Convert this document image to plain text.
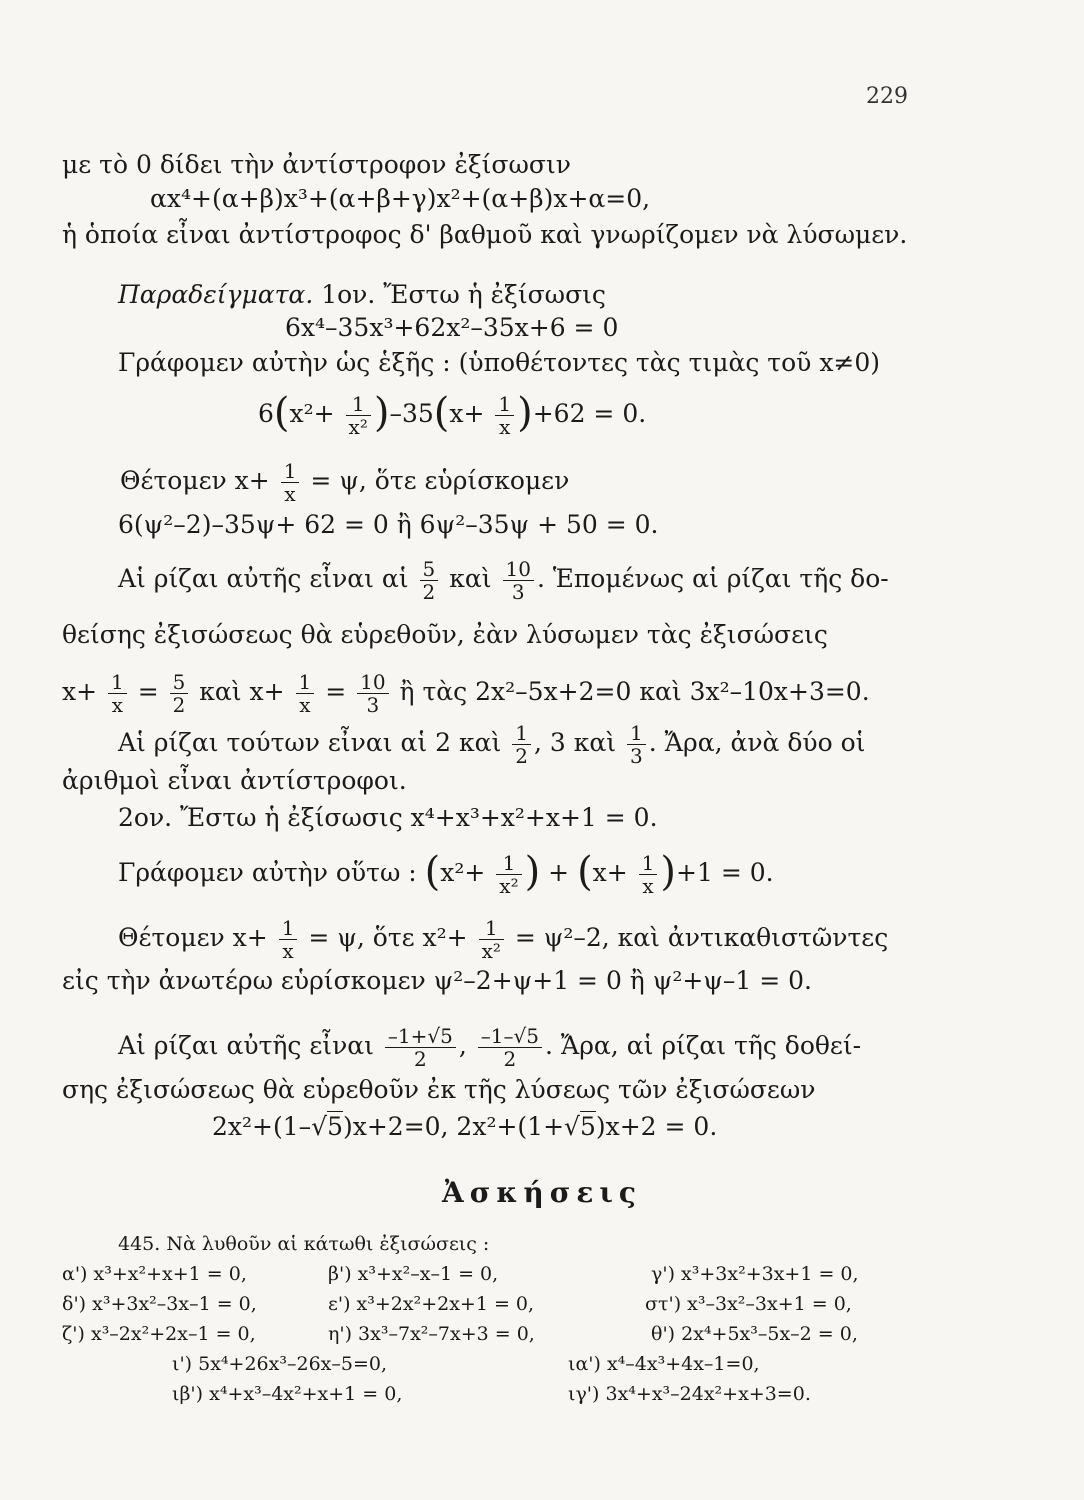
229
με τὸ 0 δίδει τὴν ἀντίστροφον ἐξίσωσιν
αx⁴+(α+β)x³+(α+β+γ)x²+(α+β)x+α=0,
ἡ ὁποία εἶναι ἀντίστροφος δ' βαθμοῦ καὶ γνωρίζομεν νὰ λύσωμεν.
Παραδείγματα. 1ον. Ἔστω ἡ ἐξίσωσις
6x⁴–35x³+62x²–35x+6 = 0
Γράφομεν αὐτὴν ὡς ἑξῆς : (ὑποθέτοντες τὰς τιμὰς τοῦ x≠0)
$6(x^2+ \frac{1}{\text{x²}} )-35(x+ \frac{1}{x} )+62 = 0$.
Θέτομεν $x+ \frac{1}{x} = \psi$, ὅτε εὑρίσκομεν
6(ψ²–2)–35ψ+ 62 = 0 ἢ 6ψ²–35ψ + 50 = 0.
Αἱ ρίζαι αὐτῆς εἶναι αἱ $\frac{5}{2}$ καὶ $\frac{10}{3}$ . Ἑπομένως αἱ ρίζαι τῆς δο-
θείσης ἐξισώσεως θὰ εὑρεθοῦν, ἐὰν λύσωμεν τὰς ἐξισώσεις
$x+ \frac{1}{x} = \frac{5}{2}$ καὶ $x+ \frac{1}{x} = \frac{10}{3}$ ἢ τὰς 2x²–5x+2=0 καὶ 3x²–10x+3=0.
Αἱ ρίζαι τούτων εἶναι αἱ 2 καὶ $\frac{1}{2}$ , 3 καὶ $\frac{1}{3}$ . Ἄρα, ἀνὰ δύο οἱ
ἀριθμοὶ εἶναι ἀντίστροφοι.
2ον. Ἔστω ἡ ἐξίσωσις x⁴+x³+x²+x+1 = 0.
Γράφομεν αὐτὴν οὕτω : ($x^2+ \frac{1}{\text{x²}}$ ) + $(x+ \frac{1}{x} )+1 = 0$.
Θέτομεν $x+ \frac{1}{x} = \psi$, ὅτε $x^2+ \frac{1}{\text{x²}} = \psi^2-2$, καὶ ἀντικαθιστῶντες
εἰς τὴν ἀνωτέρω εὑρίσκομεν ψ²–2+ψ+1 = 0 ἢ ψ²+ψ–1 = 0.
Αἱ ρίζαι αὐτῆς εἶναι $\frac{-1+√5}{2}$ , $\frac{-1-√5}{2}$ . Ἄρα, αἱ ρίζαι τῆς δοθεί-
σης ἐξισώσεως θὰ εὑρεθοῦν ἐκ τῆς λύσεως τῶν ἐξισώσεων
2x²+(1–√5)x+2=0, 2x²+(1+√5)x+2 = 0.
Ἀσκήσεις
445. Νὰ λυθοῦν αἱ κάτωθι ἐξισώσεις :
α') x³+x²+x+1 = 0,	β') x³+x²–x–1 = 0,	γ') x³+3x²+3x+1 = 0,
δ') x³+3x²–3x–1 = 0,	ε') x³+2x²+2x+1 = 0,	στ') x³–3x²–3x+1 = 0,
ζ') x³–2x²+2x–1 = 0,	η') 3x³–7x²–7x+3 = 0,	θ') 2x⁴+5x³–5x–2 = 0,
ι') 5x⁴+26x³–26x–5=0,	ια') x⁴–4x³+4x–1=0,
ιβ') x⁴+x³–4x²+x+1 = 0,	ιγ') 3x⁴+x³–24x²+x+3=0.
